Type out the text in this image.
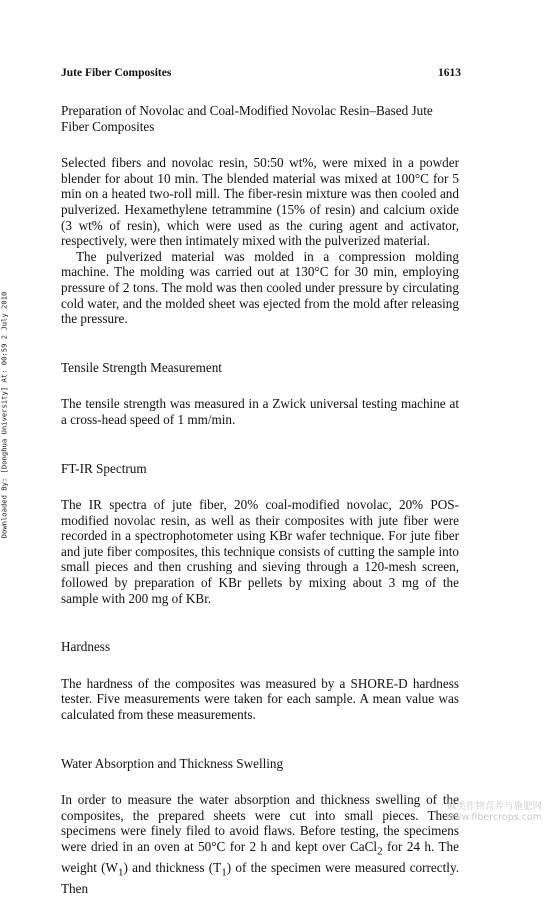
Jute Fiber Composites	1613
Downloaded By: [Donghua University] At: 00:59 2 July 2010

Preparation of Novolac and Coal-Modified Novolac Resin–Based Jute Fiber Composites

Selected fibers and novolac resin, 50:50 wt%, were mixed in a powder blender for about 10 min. The blended material was mixed at 100°C for 5 min on a heated two-roll mill. The fiber-resin mixture was then cooled and pulverized. Hexamethylene tetrammine (15% of resin) and calcium oxide (3 wt% of resin), which were used as the curing agent and activator, respectively, were then intimately mixed with the pulverized material.

The pulverized material was molded in a compression molding machine. The molding was carried out at 130°C for 30 min, employing pressure of 2 tons. The mold was then cooled under pressure by circulating cold water, and the molded sheet was ejected from the mold after releasing the pressure.

Tensile Strength Measurement

The tensile strength was measured in a Zwick universal testing machine at a cross-head speed of 1 mm/min.

FT-IR Spectrum

The IR spectra of jute fiber, 20% coal-modified novolac, 20% POS-modified novolac resin, as well as their composites with jute fiber were recorded in a spectrophotometer using KBr wafer technique. For jute fiber and jute fiber composites, this technique consists of cutting the sample into small pieces and then crushing and sieving through a 120-mesh screen, followed by preparation of KBr pellets by mixing about 3 mg of the sample with 200 mg of KBr.

Hardness

The hardness of the composites was measured by a SHORE-D hardness tester. Five measurements were taken for each sample. A mean value was calculated from these measurements.

Water Absorption and Thickness Swelling

In order to measure the water absorption and thickness swelling of the composites, the prepared sheets were cut into small pieces. These specimens were finely filed to avoid flaws. Before testing, the specimens were dried in an oven at 50°C for 2 h and kept over CaCl$_2$ for 24 h. The weight $(W_1)$ and thickness $(T_1)$ of the specimen were measured correctly. Then

麻类作物营养与施肥网
www.fibercrops.com
